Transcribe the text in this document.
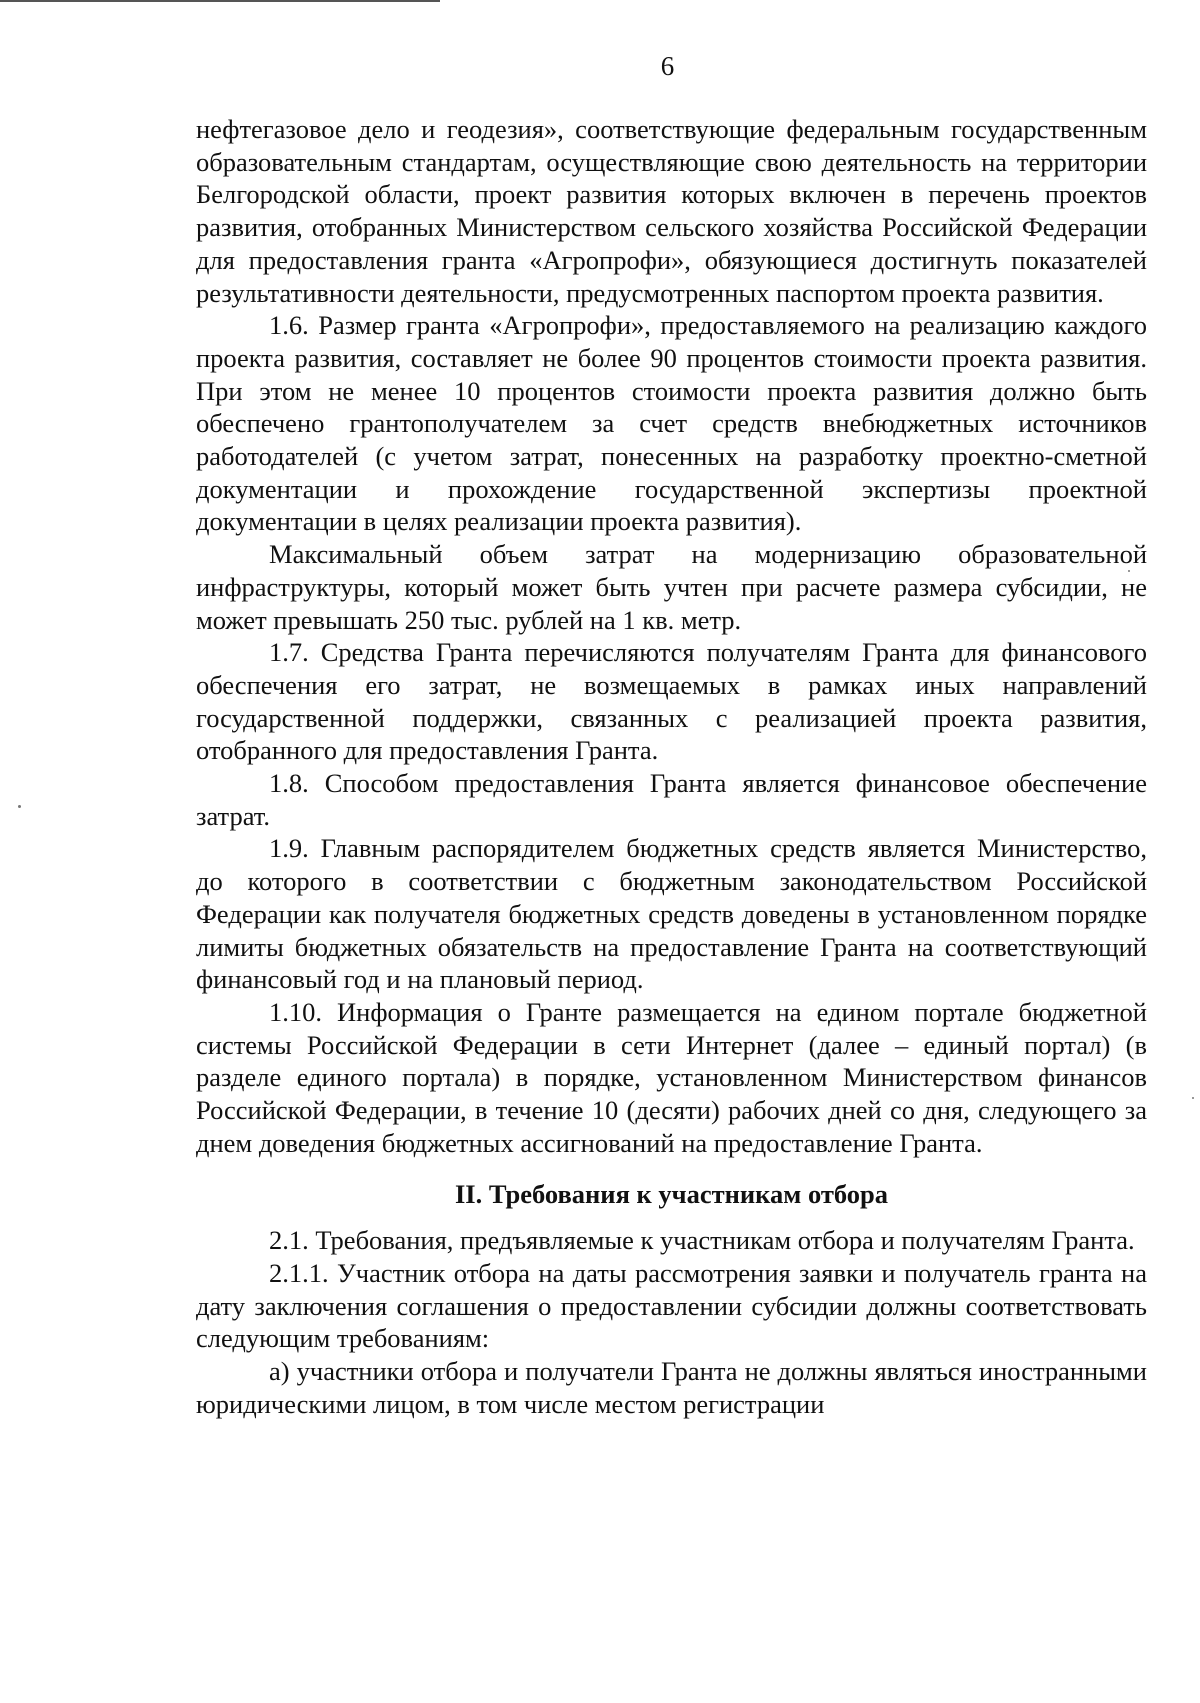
6

нефтегазовое дело и геодезия», соответствующие федеральным государственным образовательным стандартам, осуществляющие свою деятельность на территории Белгородской области, проект развития которых включен в перечень проектов развития, отобранных Министерством сельского хозяйства Российской Федерации для предоставления гранта «Агропрофи», обязующиеся достигнуть показателей результативности деятельности, предусмотренных паспортом проекта развития.

1.6. Размер гранта «Агропрофи», предоставляемого на реализацию каждого проекта развития, составляет не более 90 процентов стоимости проекта развития. При этом не менее 10 процентов стоимости проекта развития должно быть обеспечено грантополучателем за счет средств внебюджетных источников работодателей (с учетом затрат, понесенных на разработку проектно-сметной документации и прохождение государственной экспертизы проектной документации в целях реализации проекта развития).

Максимальный объем затрат на модернизацию образовательной инфраструктуры, который может быть учтен при расчете размера субсидии, не может превышать 250 тыс. рублей на 1 кв. метр.

1.7. Средства Гранта перечисляются получателям Гранта для финансового обеспечения его затрат, не возмещаемых в рамках иных направлений государственной поддержки, связанных с реализацией проекта развития, отобранного для предоставления Гранта.

1.8. Способом предоставления Гранта является финансовое обеспечение затрат.

1.9. Главным распорядителем бюджетных средств является Министерство, до которого в соответствии с бюджетным законодательством Российской Федерации как получателя бюджетных средств доведены в установленном порядке лимиты бюджетных обязательств на предоставление Гранта на соответствующий финансовый год и на плановый период.

1.10. Информация о Гранте размещается на едином портале бюджетной системы Российской Федерации в сети Интернет (далее – единый портал) (в разделе единого портала) в порядке, установленном Министерством финансов Российской Федерации, в течение 10 (десяти) рабочих дней со дня, следующего за днем доведения бюджетных ассигнований на предоставление Гранта.

II. Требования к участникам отбора

2.1. Требования, предъявляемые к участникам отбора и получателям Гранта.

2.1.1. Участник отбора на даты рассмотрения заявки и получатель гранта на дату заключения соглашения о предоставлении субсидии должны соответствовать следующим требованиям:

а) участники отбора и получатели Гранта не должны являться иностранными юридическими лицом, в том числе местом регистрации
